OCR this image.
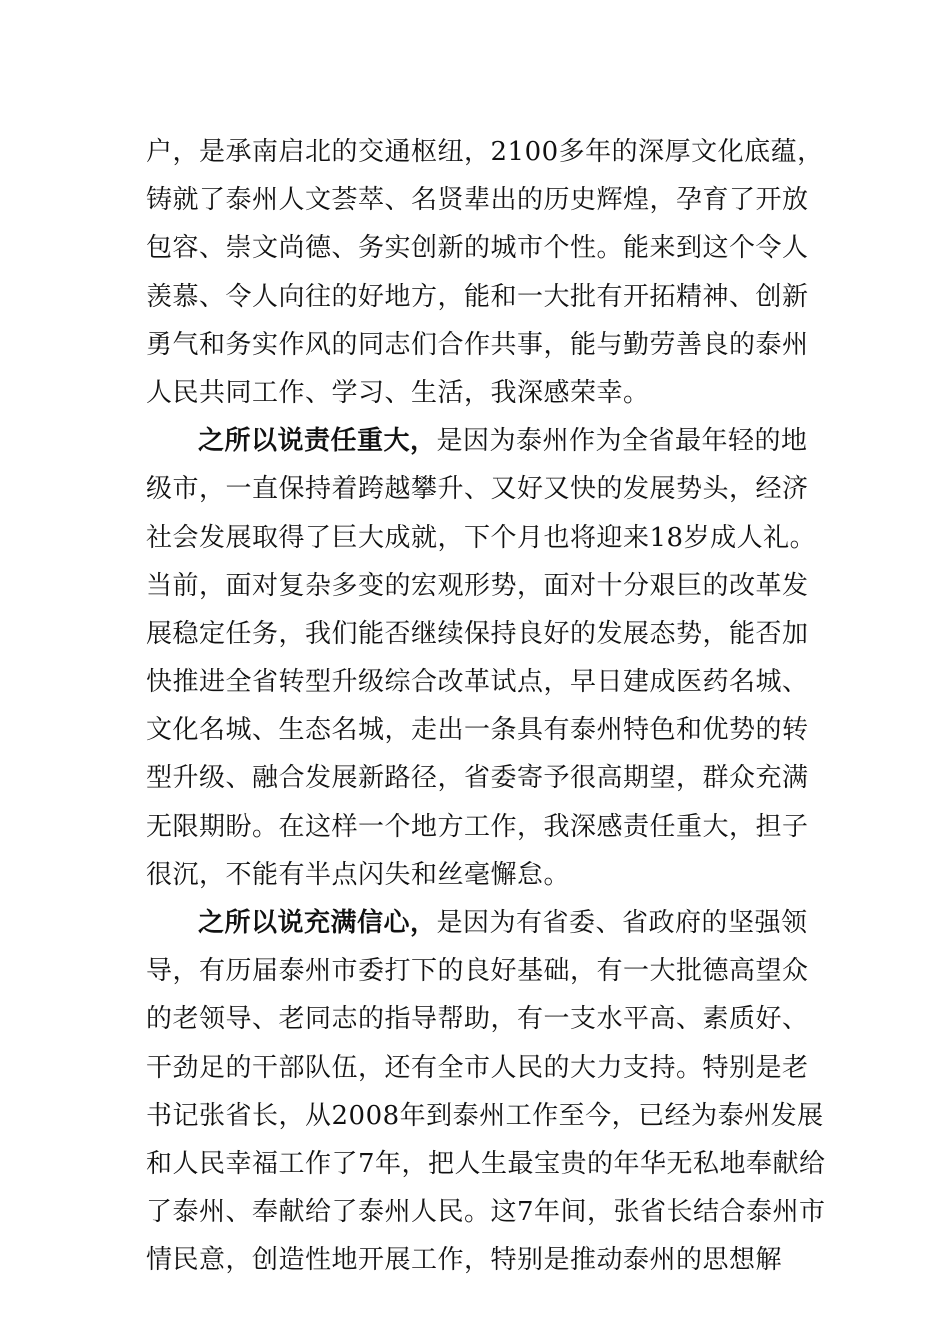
户，是承南启北的交通枢纽，2100多年的深厚文化底蕴，
铸就了泰州人文荟萃、名贤辈出的历史辉煌，孕育了开放
包容、崇文尚德、务实创新的城市个性。能来到这个令人
羡慕、令人向往的好地方，能和一大批有开拓精神、创新
勇气和务实作风的同志们合作共事，能与勤劳善良的泰州
人民共同工作、学习、生活，我深感荣幸。
之所以说责任重大，是因为泰州作为全省最年轻的地
级市，一直保持着跨越攀升、又好又快的发展势头，经济
社会发展取得了巨大成就，下个月也将迎来18岁成人礼。
当前，面对复杂多变的宏观形势，面对十分艰巨的改革发
展稳定任务，我们能否继续保持良好的发展态势，能否加
快推进全省转型升级综合改革试点，早日建成医药名城、
文化名城、生态名城，走出一条具有泰州特色和优势的转
型升级、融合发展新路径，省委寄予很高期望，群众充满
无限期盼。在这样一个地方工作，我深感责任重大，担子
很沉，不能有半点闪失和丝毫懈怠。
之所以说充满信心，是因为有省委、省政府的坚强领
导，有历届泰州市委打下的良好基础，有一大批德高望众
的老领导、老同志的指导帮助，有一支水平高、素质好、
干劲足的干部队伍，还有全市人民的大力支持。特别是老
书记张省长，从2008年到泰州工作至今，已经为泰州发展
和人民幸福工作了7年，把人生最宝贵的年华无私地奉献给
了泰州、奉献给了泰州人民。这7年间，张省长结合泰州市
情民意，创造性地开展工作，特别是推动泰州的思想解
